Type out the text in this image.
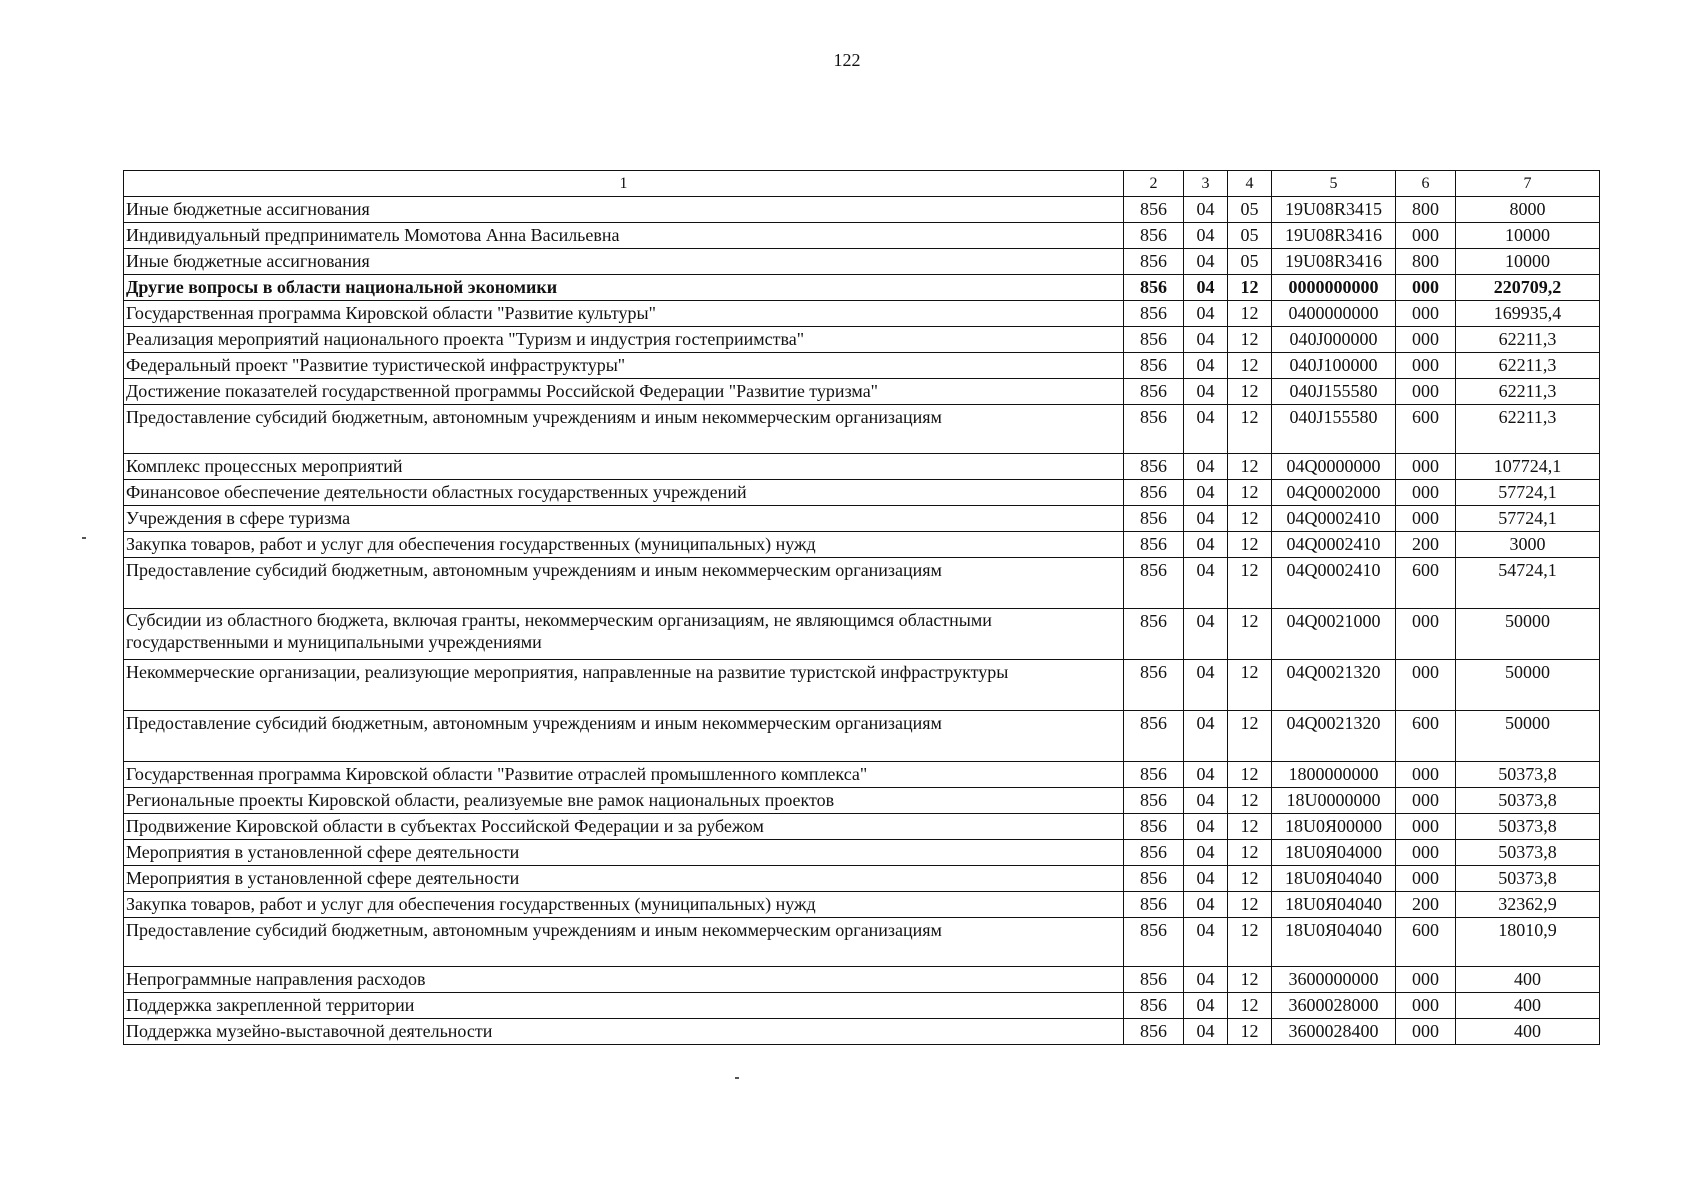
122
1	2	3	4	5	6	7
Иные бюджетные ассигнования	856	04	05	19U08R3415	800	8000
Индивидуальный предприниматель Момотова Анна Васильевна	856	04	05	19U08R3416	000	10000
Иные бюджетные ассигнования	856	04	05	19U08R3416	800	10000
Другие вопросы в области национальной экономики	856	04	12	0000000000	000	220709,2
Государственная программа Кировской области "Развитие культуры"	856	04	12	0400000000	000	169935,4
Реализация мероприятий национального проекта "Туризм и индустрия гостеприимства"	856	04	12	040J000000	000	62211,3
Федеральный проект "Развитие туристической инфраструктуры"	856	04	12	040J100000	000	62211,3
Достижение показателей государственной программы Российской Федерации "Развитие туризма"	856	04	12	040J155580	000	62211,3
Предоставление субсидий бюджетным, автономным учреждениям и иным некоммерческим организациям	856	04	12	040J155580	600	62211,3
Комплекс процессных мероприятий	856	04	12	04Q0000000	000	107724,1
Финансовое обеспечение деятельности областных государственных учреждений	856	04	12	04Q0002000	000	57724,1
Учреждения в сфере туризма	856	04	12	04Q0002410	000	57724,1
Закупка товаров, работ и услуг для обеспечения государственных (муниципальных) нужд	856	04	12	04Q0002410	200	3000
Предоставление субсидий бюджетным, автономным учреждениям и иным некоммерческим организациям	856	04	12	04Q0002410	600	54724,1
Субсидии из областного бюджета, включая гранты, некоммерческим организациям, не являющимся областными государственными и муниципальными учреждениями	856	04	12	04Q0021000	000	50000
Некоммерческие организации, реализующие мероприятия, направленные на развитие туристской инфраструктуры	856	04	12	04Q0021320	000	50000
Предоставление субсидий бюджетным, автономным учреждениям и иным некоммерческим организациям	856	04	12	04Q0021320	600	50000
Государственная программа Кировской области "Развитие отраслей промышленного комплекса"	856	04	12	1800000000	000	50373,8
Региональные проекты Кировской области, реализуемые вне рамок национальных проектов	856	04	12	18U0000000	000	50373,8
Продвижение Кировской области в субъектах Российской Федерации и за рубежом	856	04	12	18U0Я00000	000	50373,8
Мероприятия в установленной сфере деятельности	856	04	12	18U0Я04000	000	50373,8
Мероприятия в установленной сфере деятельности	856	04	12	18U0Я04040	000	50373,8
Закупка товаров, работ и услуг для обеспечения государственных (муниципальных) нужд	856	04	12	18U0Я04040	200	32362,9
Предоставление субсидий бюджетным, автономным учреждениям и иным некоммерческим организациям	856	04	12	18U0Я04040	600	18010,9
Непрограммные направления расходов	856	04	12	3600000000	000	400
Поддержка закрепленной территории	856	04	12	3600028000	000	400
Поддержка музейно-выставочной деятельности	856	04	12	3600028400	000	400
